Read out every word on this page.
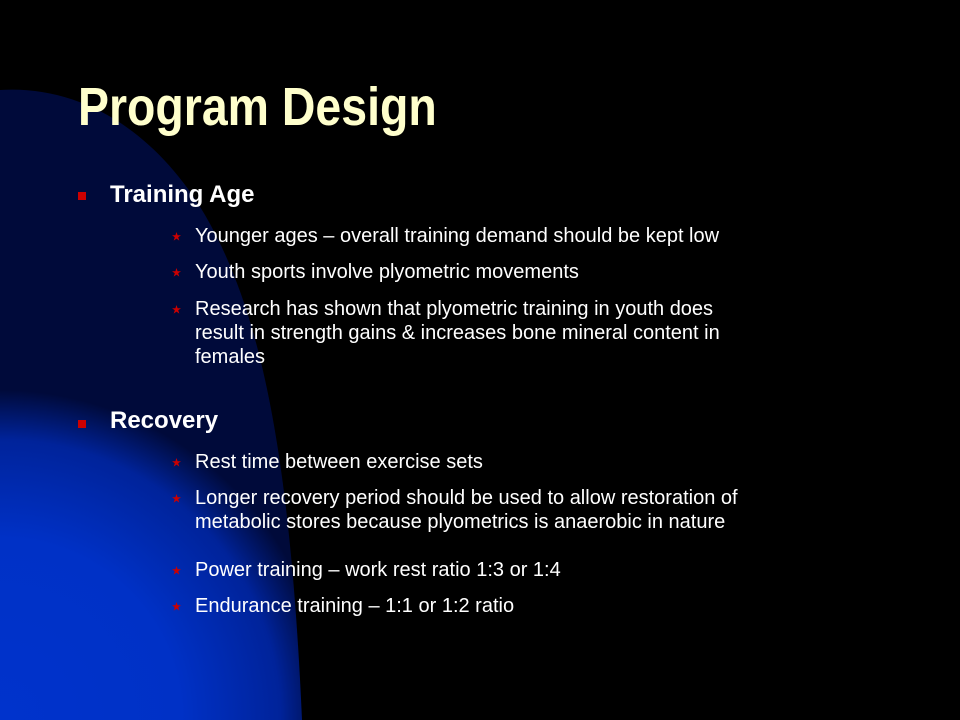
Program Design
Training Age
Younger ages – overall training demand should be kept low
Youth sports involve plyometric movements
Research has shown that plyometric training in youth does
result in strength gains & increases bone mineral content in
females
Recovery
Rest time between exercise sets
Longer recovery period should be used to allow restoration of
metabolic stores because plyometrics is anaerobic in nature
Power training – work rest ratio 1:3 or 1:4
Endurance training – 1:1 or 1:2 ratio
